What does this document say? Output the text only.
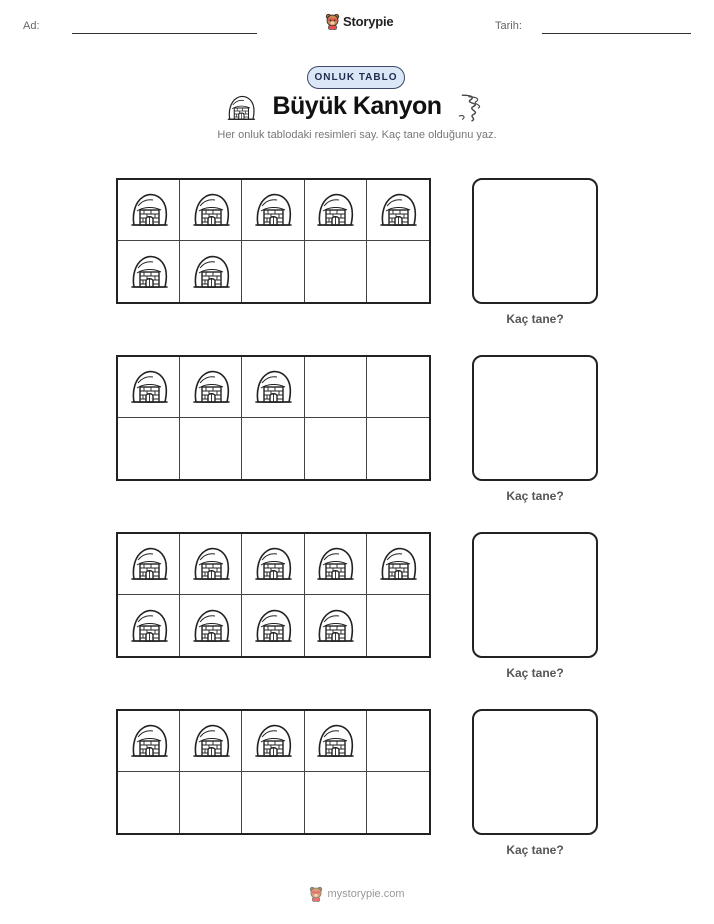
Ad:	Tarih:
Storypie
ONLUK TABLO
Büyük Kanyon
Her onluk tablodaki resimleri say. Kaç tane olduğunu yaz.
Kaç tane?
Kaç tane?
Kaç tane?
Kaç tane?
mystorypie.com
